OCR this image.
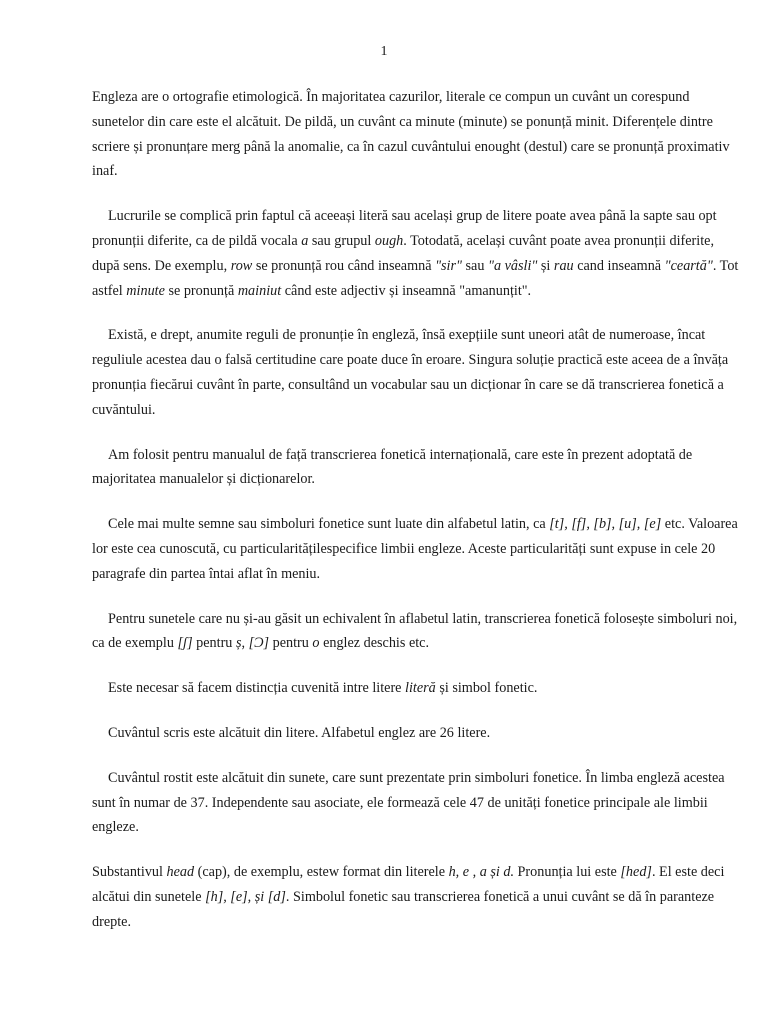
1

Engleza are o ortografie etimologică. În majoritatea cazurilor, literale ce compun un cuvânt un corespund sunetelor din care este el alcătuit. De pildă, un cuvânt ca minute (minute) se ponunță minit. Diferențele dintre scriere și pronunțare merg până la anomalie, ca în cazul cuvântului enought (destul) care se pronunță proximativ inaf.

Lucrurile se complică prin faptul că aceeași literă sau același grup de litere poate avea până la sapte sau opt pronunții diferite, ca de pildă vocala a sau grupul ough. Totodată, același cuvânt poate avea pronunții diferite, după sens. De exemplu, row se pronunță rou când inseamnă "sir" sau "a vâsli" și rau cand inseamnă "ceartă". Tot astfel minute se pronunță mainiut când este adjectiv și inseamnă "amanunțit".

Există, e drept, anumite reguli de pronunție în engleză, însă exepțiile sunt uneori atât de numeroase, încat reguliule acestea dau o falsă certitudine care poate duce în eroare. Singura soluție practică este aceea de a învăța pronunția fiecărui cuvânt în parte, consultând un vocabular sau un dicționar în care se dă transcrierea fonetică a cuvăntului.

Am folosit pentru manualul de față transcrierea fonetică internațională, care este în prezent adoptată de majoritatea manualelor și dicționarelor.

Cele mai multe semne sau simboluri fonetice sunt luate din alfabetul latin, ca [t], [f], [b], [u], [e] etc. Valoarea lor este cea cunoscută, cu particularitățilespecifice limbii engleze. Aceste particularități sunt expuse in cele 20 paragrafe din partea întai aflat în meniu.

Pentru sunetele care nu și-au găsit un echivalent în aflabetul latin, transcrierea fonetică folosește simboluri noi, ca de exemplu [ʃ] pentru ș, [Ɔ] pentru o englez deschis etc.

Este necesar să facem distincția cuvenită intre litere literă și simbol fonetic.

Cuvântul scris este alcătuit din litere. Alfabetul englez are 26 litere.

Cuvântul rostit este alcătuit din sunete, care sunt prezentate prin simboluri fonetice. În limba engleză acestea sunt în numar de 37. Independente sau asociate, ele formează cele 47 de unități fonetice principale ale limbii engleze.

Substantivul head (cap), de exemplu, estew format din literele h, e , a și d. Pronunția lui este [hed]. El este deci alcătui din sunetele [h], [e], și [d]. Simbolul fonetic sau transcrierea fonetică a unui cuvânt se dă în paranteze drepte.
